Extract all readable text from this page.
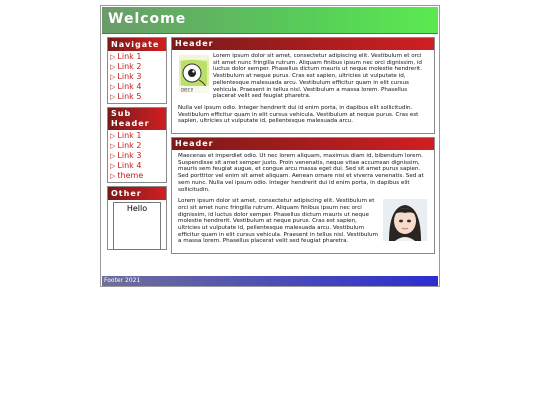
Welcome
Navigate
▷ Link 1
▷ Link 2
▷ Link 3
▷ Link 4
▷ Link 5
Sub Header
▷ Link 1
▷ Link 2
▷ Link 3
▷ Link 4
▷ theme
Other
Hello
Header
DIECI!

Lorem ipsum dolor sit amet, consectetur adipiscing elit. Vestibulum et orci sit amet nunc fringilla rutrum. Aliquam finibus ipsum nec orci dignissim, id luctus dolor semper. Phasellus dictum mauris ut neque molestie hendrerit. Vestibulum at neque purus. Cras est sapien, ultricies ut vulputate id, pellentesque malesuada arcu. Vestibulum efficitur quam in elit cursus vehicula. Praesent in tellus nisl. Vestibulum a massa lorem. Phasellus placerat velit sed feugiat pharetra.

Nulla vel ipsum odio. Integer hendrerit dui id enim porta, in dapibus elit sollicitudin. Vestibulum efficitur quam in elit cursus vehicula. Vestibulum at neque purus. Cras est sapien, ultricies ut vulputate id, pellentesque malesuada arcu.

Header

Maecenas et imperdiet odio. Ut nec lorem aliquam, maximus diam id, bibendum lorem. Suspendisse sit amet semper justo. Proin venenatis, neque vitae accumsan dignissim, mauris sem feugiat augue, et congue arcu massa eget dui. Sed sit amet purus sapien. Sed porttitor vel enim sit amet aliquam. Aenean ornare nisi et viverra venenatis. Sed at sem nunc. Nulla vel ipsum odio. Integer hendrerit dui id enim porta, in dapibus elit sollicitudin.

Lorem ipsum dolor sit amet, consectetur adipiscing elit. Vestibulum et orci sit amet nunc fringilla rutrum. Aliquam finibus ipsum nec orci dignissim, id luctus dolor semper. Phasellus dictum mauris ut neque molestie hendrerit. Vestibulum at neque purus. Cras est sapien, ultricies ut vulputate id, pellentesque malesuada arcu. Vestibulum efficitur quam in elit cursus vehicula. Praesent in tellus nisl. Vestibulum a massa lorem. Phasellus placerat velit sed feugiat pharetra.

Footer 2021
